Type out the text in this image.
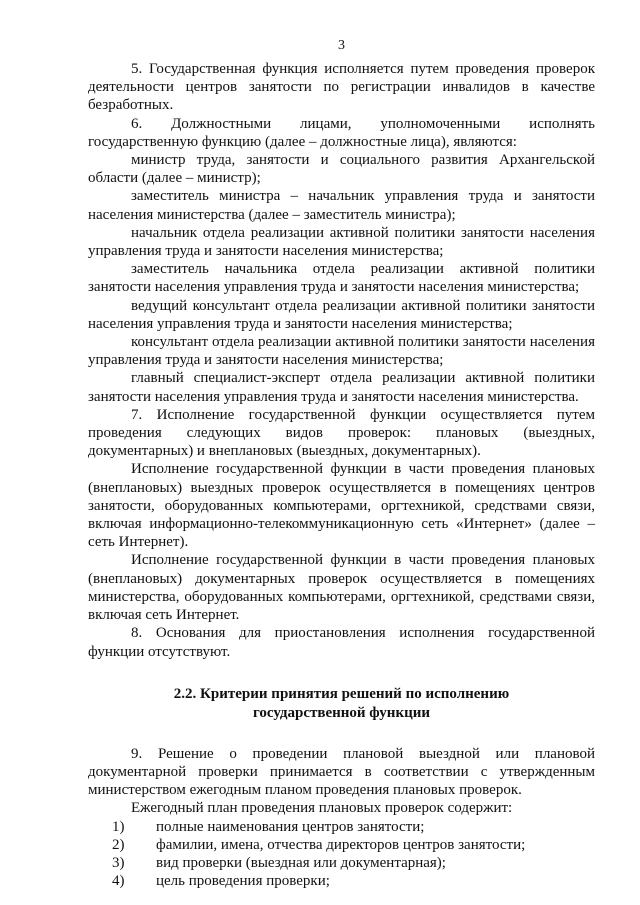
3

5. Государственная функция исполняется путем проведения проверок деятельности центров занятости по регистрации инвалидов в качестве безработных.

6. Должностными лицами, уполномоченными исполнять государственную функцию (далее – должностные лица), являются:

министр труда, занятости и социального развития Архангельской области (далее – министр);

заместитель министра – начальник управления труда и занятости населения министерства (далее – заместитель министра);

начальник отдела реализации активной политики занятости населения управления труда и занятости населения министерства;

заместитель начальника отдела реализации активной политики занятости населения управления труда и занятости населения министерства;

ведущий консультант отдела реализации активной политики занятости населения управления труда и занятости населения министерства;

консультант отдела реализации активной политики занятости населения управления труда и занятости населения министерства;

главный специалист-эксперт отдела реализации активной политики занятости населения управления труда и занятости населения министерства.

7. Исполнение государственной функции осуществляется путем проведения следующих видов проверок: плановых (выездных, документарных) и внеплановых (выездных, документарных).

Исполнение государственной функции в части проведения плановых (внеплановых) выездных проверок осуществляется в помещениях центров занятости, оборудованных компьютерами, оргтехникой, средствами связи, включая информационно-телекоммуникационную сеть «Интернет» (далее – сеть Интернет).

Исполнение государственной функции в части проведения плановых (внеплановых) документарных проверок осуществляется в помещениях министерства, оборудованных компьютерами, оргтехникой, средствами связи, включая сеть Интернет.

8. Основания для приостановления исполнения государственной функции отсутствуют.

2.2. Критерии принятия решений по исполнению
государственной функции

9. Решение о проведении плановой выездной или плановой документарной проверки принимается в соответствии с утвержденным министерством ежегодным планом проведения плановых проверок.

Ежегодный план проведения плановых проверок содержит:

1) полные наименования центров занятости;
2) фамилии, имена, отчества директоров центров занятости;
3) вид проверки (выездная или документарная);
4) цель проведения проверки;
